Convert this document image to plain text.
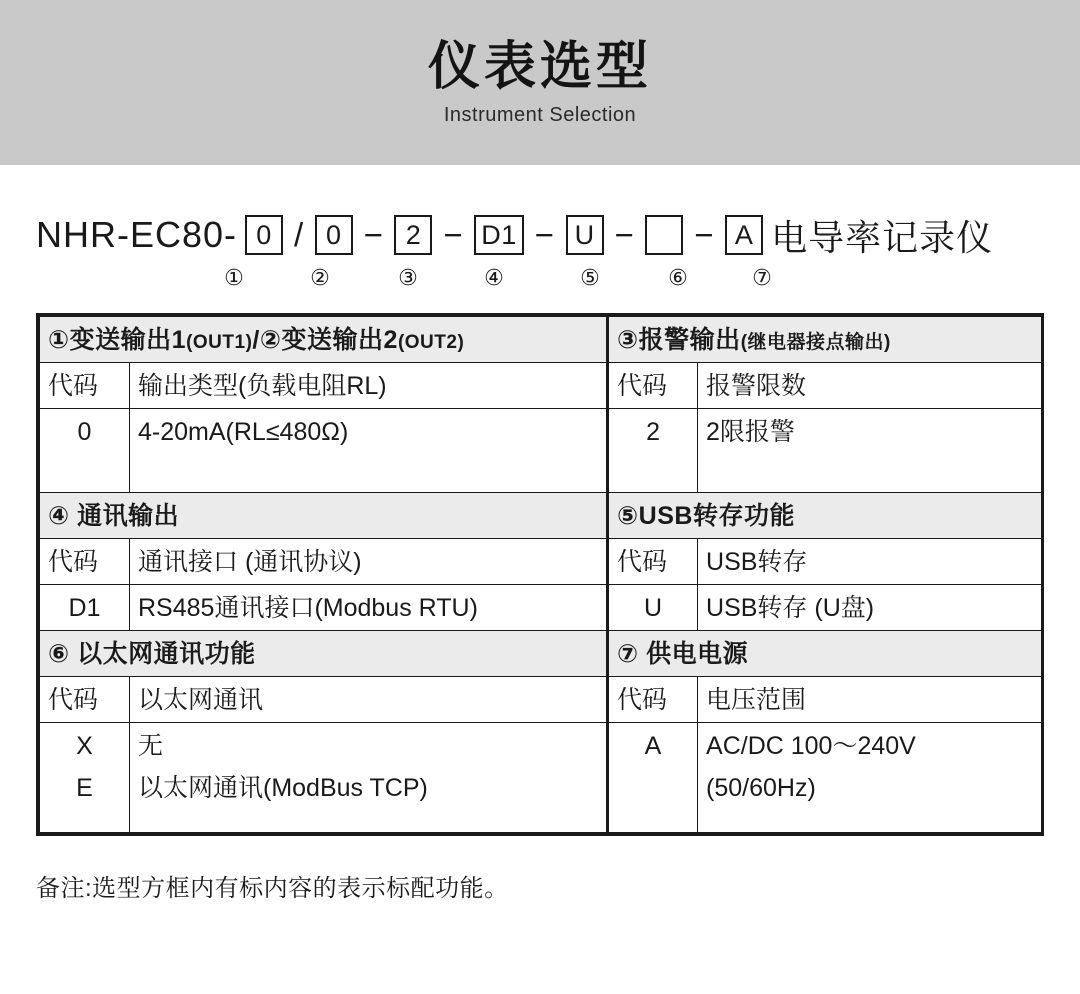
仪表选型
Instrument Selection
NHR-EC80- 0 / 0 − 2 − D1 − U − − A 电导率记录仪
①	②	③	④	⑤	⑥	⑦
①变送输出1(OUT1)/②变送输出2(OUT2)		③报警输出(继电器接点输出)	
代码	输出类型(负载电阻RL)	代码	报警限数
0	4-20mA(RL≤480Ω)	2	2限报警
④ 通讯输出		⑤USB转存功能	
代码	通讯接口 (通讯协议)	代码	USB转存
D1	RS485通讯接口(Modbus RTU)	U	USB转存 (U盘)
⑥ 以太网通讯功能		⑦ 供电电源	
代码	以太网通讯	代码	电压范围
X	无	A	AC/DC 100～240V
E	以太网通讯(ModBus TCP)		(50/60Hz)
备注:选型方框内有标内容的表示标配功能。
